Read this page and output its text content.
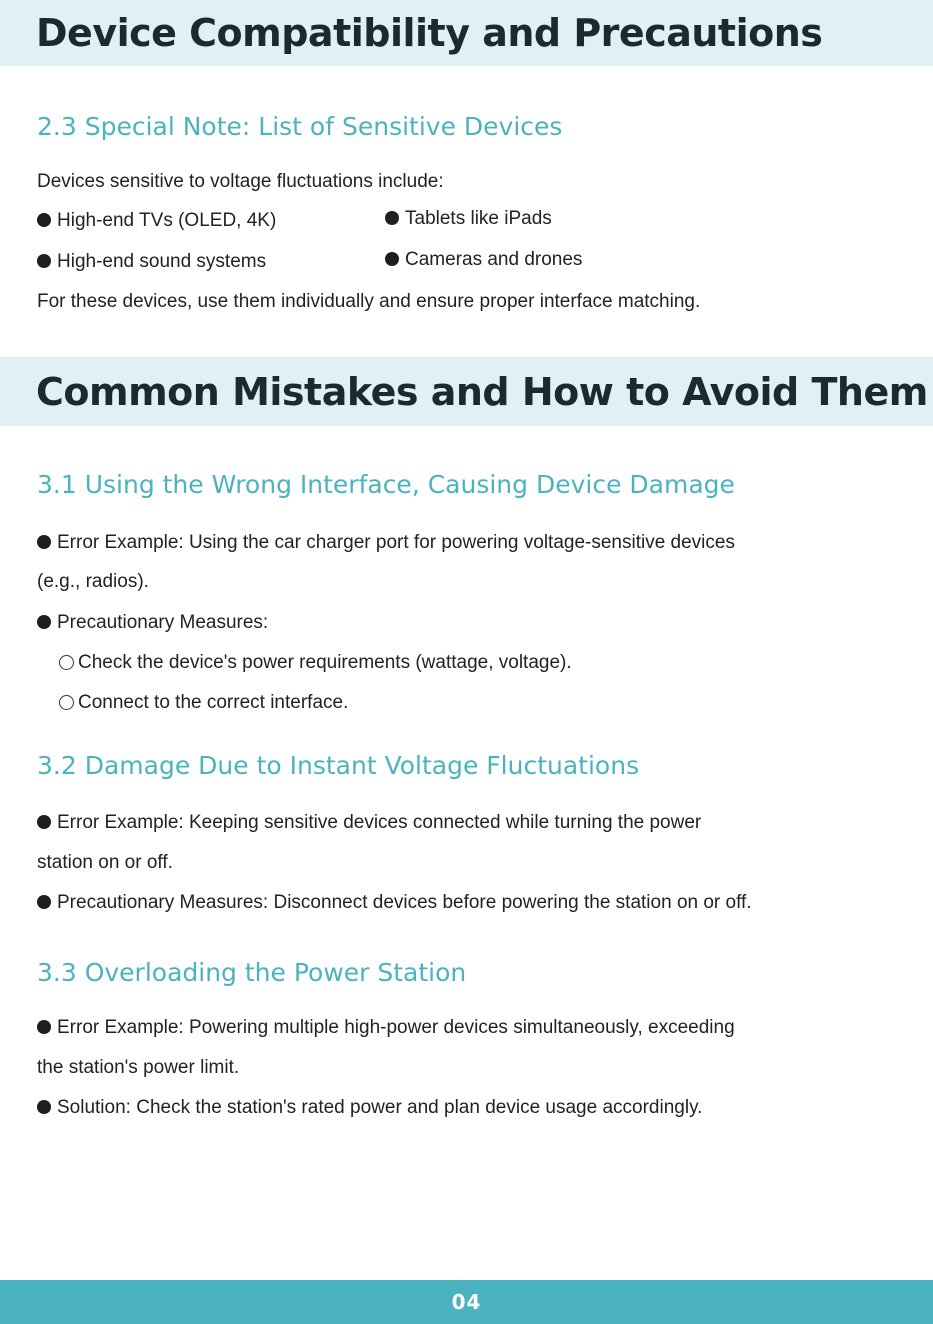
Device Compatibility and Precautions
2.3 Special Note: List of Sensitive Devices

Devices sensitive to voltage fluctuations include:

High-end TVs (OLED, 4K)	Tablets like iPads

High-end sound systems	Cameras and drones

For these devices, use them individually and ensure proper interface matching.

Common Mistakes and How to Avoid Them
3.1 Using the Wrong Interface, Causing Device Damage

Error Example: Using the car charger port for powering voltage-sensitive devices

(e.g., radios).

Precautionary Measures:

Check the device's power requirements (wattage, voltage).

Connect to the correct interface.

3.2 Damage Due to Instant Voltage Fluctuations

Error Example: Keeping sensitive devices connected while turning the power

station on or off.

Precautionary Measures: Disconnect devices before powering the station on or off.

3.3 Overloading the Power Station

Error Example: Powering multiple high-power devices simultaneously, exceeding

the station's power limit.

Solution: Check the station's rated power and plan device usage accordingly.

04
